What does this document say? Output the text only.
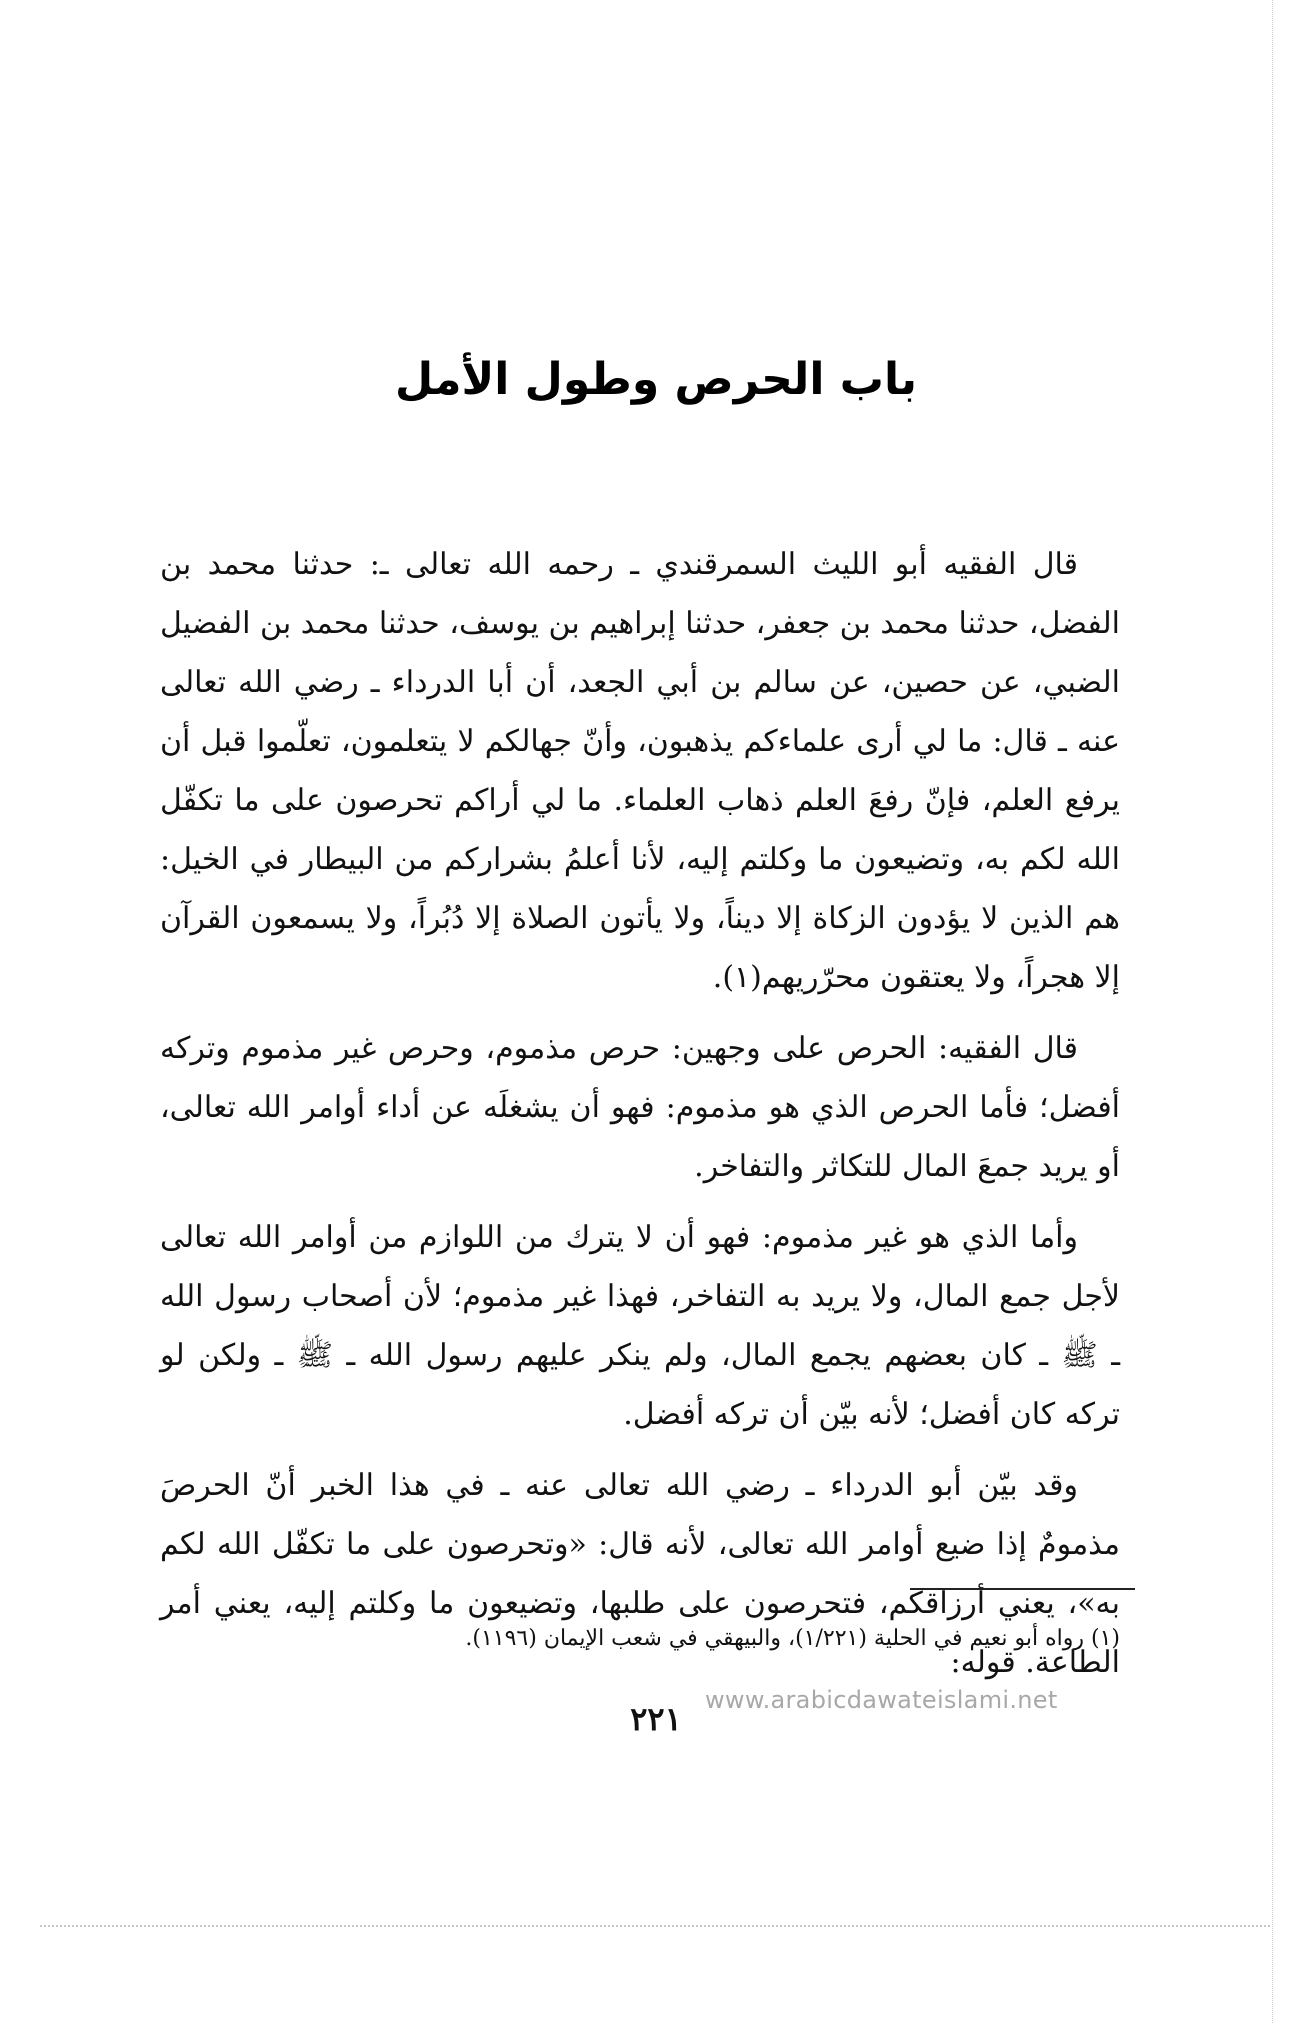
باب الحرص وطول الأمل

قال الفقيه أبو الليث السمرقندي ـ رحمه الله تعالى ـ: حدثنا محمد بن الفضل، حدثنا محمد بن جعفر، حدثنا إبراهيم بن يوسف، حدثنا محمد بن الفضيل الضبي، عن حصين، عن سالم بن أبي الجعد، أن أبا الدرداء ـ رضي الله تعالى عنه ـ قال: ما لي أرى علماءكم يذهبون، وأنّ جهالكم لا يتعلمون، تعلّموا قبل أن يرفع العلم، فإنّ رفعَ العلم ذهاب العلماء. ما لي أراكم تحرصون على ما تكفّل الله لكم به، وتضيعون ما وكلتم إليه، لأنا أعلمُ بشراركم من البيطار في الخيل: هم الذين لا يؤدون الزكاة إلا ديناً، ولا يأتون الصلاة إلا دُبُراً، ولا يسمعون القرآن إلا هجراً، ولا يعتقون محرّريهم(١).

قال الفقيه: الحرص على وجهين: حرص مذموم، وحرص غير مذموم وتركه أفضل؛ فأما الحرص الذي هو مذموم: فهو أن يشغلَه عن أداء أوامر الله تعالى، أو يريد جمعَ المال للتكاثر والتفاخر.

وأما الذي هو غير مذموم: فهو أن لا يترك من اللوازم من أوامر الله تعالى لأجل جمع المال، ولا يريد به التفاخر، فهذا غير مذموم؛ لأن أصحاب رسول الله ـ ﷺ ـ كان بعضهم يجمع المال، ولم ينكر عليهم رسول الله ـ ﷺ ـ ولكن لو تركه كان أفضل؛ لأنه بيّن أن تركه أفضل.

وقد بيّن أبو الدرداء ـ رضي الله تعالى عنه ـ في هذا الخبر أنّ الحرصَ مذمومٌ إذا ضيع أوامر الله تعالى، لأنه قال: «وتحرصون على ما تكفّل الله لكم به»، يعني أرزاقكم، فتحرصون على طلبها، وتضيعون ما وكلتم إليه، يعني أمر الطاعة. قوله:

(١) رواه أبو نعيم في الحلية (١/٢٢١)، والبيهقي في شعب الإيمان (١١٩٦).
www.arabicdawateislami.net
٢٢١
